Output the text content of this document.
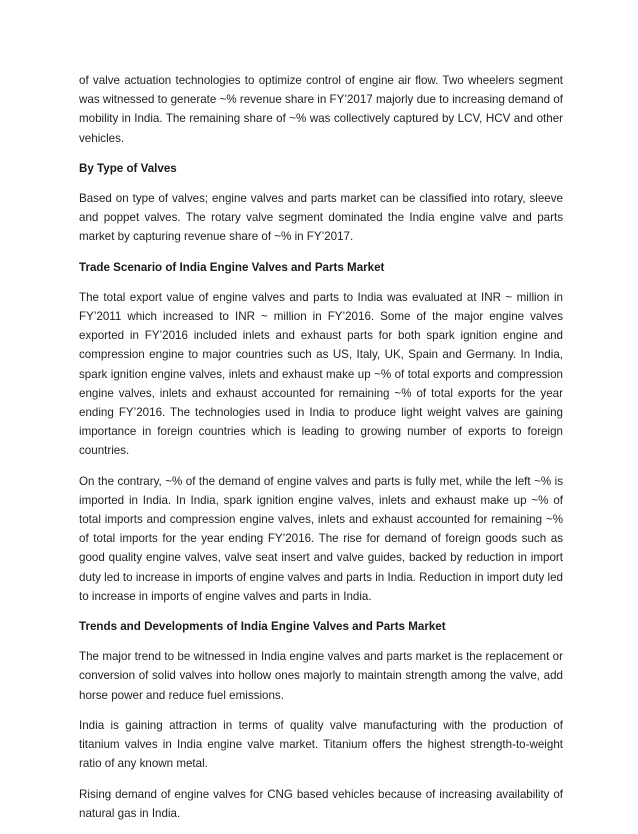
of valve actuation technologies to optimize control of engine air flow. Two wheelers segment was witnessed to generate ~% revenue share in FY’2017 majorly due to increasing demand of mobility in India. The remaining share of ~% was collectively captured by LCV, HCV and other vehicles.

By Type of Valves

Based on type of valves; engine valves and parts market can be classified into rotary, sleeve and poppet valves. The rotary valve segment dominated the India engine valve and parts market by capturing revenue share of ~% in FY’2017.

Trade Scenario of India Engine Valves and Parts Market

The total export value of engine valves and parts to India was evaluated at INR ~ million in FY’2011 which increased to INR ~ million in FY’2016. Some of the major engine valves exported in FY’2016 included inlets and exhaust parts for both spark ignition engine and compression engine to major countries such as US, Italy, UK, Spain and Germany. In India, spark ignition engine valves, inlets and exhaust make up ~% of total exports and compression engine valves, inlets and exhaust accounted for remaining ~% of total exports for the year ending FY’2016. The technologies used in India to produce light weight valves are gaining importance in foreign countries which is leading to growing number of exports to foreign countries.

On the contrary, ~% of the demand of engine valves and parts is fully met, while the left ~% is imported in India. In India, spark ignition engine valves, inlets and exhaust make up ~% of total imports and compression engine valves, inlets and exhaust accounted for remaining ~% of total imports for the year ending FY’2016. The rise for demand of foreign goods such as good quality engine valves, valve seat insert and valve guides, backed by reduction in import duty led to increase in imports of engine valves and parts in India. Reduction in import duty led to increase in imports of engine valves and parts in India.

Trends and Developments of India Engine Valves and Parts Market

The major trend to be witnessed in India engine valves and parts market is the replacement or conversion of solid valves into hollow ones majorly to maintain strength among the valve, add horse power and reduce fuel emissions.

India is gaining attraction in terms of quality valve manufacturing with the production of titanium valves in India engine valve market. Titanium offers the highest strength-to-weight ratio of any known metal.

Rising demand of engine valves for CNG based vehicles because of increasing availability of natural gas in India.
